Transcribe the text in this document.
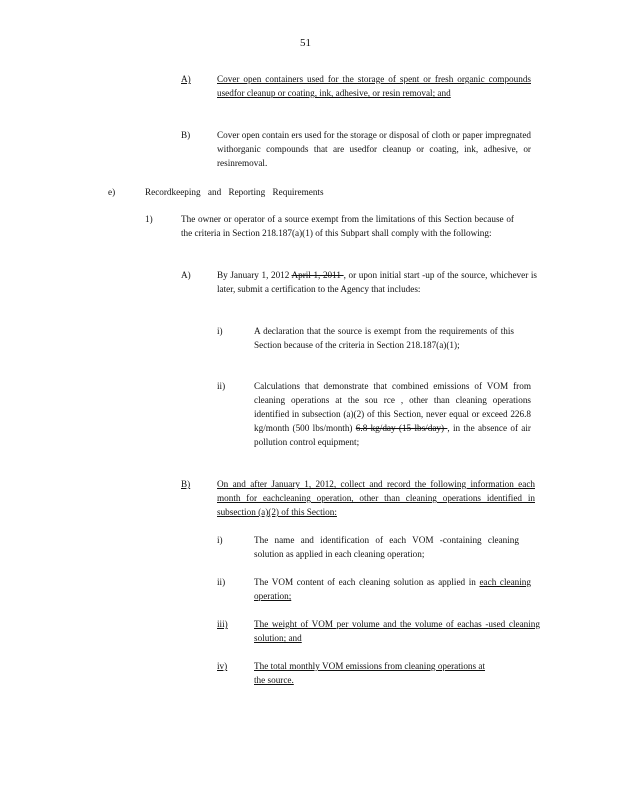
51
A)	Cover open containers used for the storage of spent or fresh organic compounds usedfor cleanup or coating, ink, adhesive, or resin removal; and

B)	Cover open contain ers used for the storage or disposal of cloth or paper impregnated withorganic compounds that are usedfor cleanup or coating, ink, adhesive, or resinremoval.

e)	Recordkeeping and Reporting Requirements
1)	The owner or operator of a source exempt from the limitations of this Section because of the criteria in Section 218.187(a)(1) of this Subpart shall comply with the following:

A)	By January 1, 2012 April 1, 2011 , or upon initial start -up of the source, whichever is later, submit a certification to the Agency that includes:

i)	A declaration that the source is exempt from the requirements of this Section because of the criteria in Section 218.187(a)(1);

ii)	Calculations that demonstrate that combined emissions of VOM from cleaning operations at the sou rce , other than cleaning operations identified in subsection (a)(2) of this Section, never equal or exceed 226.8 kg/month (500 lbs/month) 6.8 kg/day (15 lbs/day) , in the absence of air pollution control equipment;

B)	On and after January 1, 2012, collect and record the following information each month for eachcleaning operation, other than cleaning operations identified in subsection (a)(2) of this Section:

i)	The name and identification of each VOM -containing cleaning solution as applied in each cleaning operation;

ii)	The VOM content of each cleaning solution as applied in each cleaning operation;

iii)	The weight of VOM per volume and the volume of eachas -used cleaning solution; and

iv)	The total monthly VOM emissions from cleaning operations at the source.
